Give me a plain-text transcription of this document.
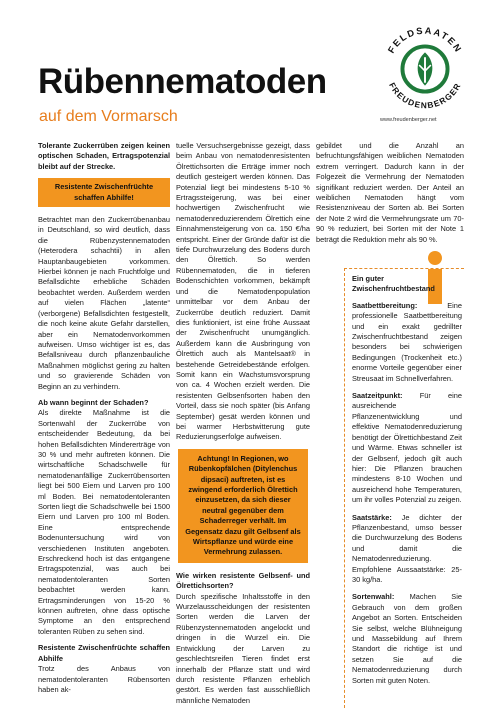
Rübennematoden
auf dem Vormarsch
FELDSAATEN
FREUDENBERGER
www.freudenberger.net

Tolerante Zuckerrüben zeigen keinen optischen Schaden, Ertragspotenzial bleibt auf der Strecke.

Resistente Zwischenfrüchte schaffen Abhilfe!

Betrachtet man den Zuckerrübenanbau in Deutschland, so wird deutlich, dass die Rübenzystennematoden (Heterodera schachtii) in allen Hauptanbaugebieten vorkommen. Hierbei können je nach Fruchtfolge und Befallsdichte erhebliche Schäden beobachtet werden. Außerdem werden auf vielen Flächen „latente“ (verborgene) Befallsdichten festgestellt, die noch keine akute Gefahr darstellen, aber ein Nematodenvorkommen aufweisen. Umso wichtiger ist es, das Befallsniveau durch pflanzenbauliche Maßnahmen möglichst gering zu halten und so gravierende Schäden von Beginn an zu verhindern.

Ab wann beginnt der Schaden?

Als direkte Maßnahme ist die Sortenwahl der Zuckerrübe von entscheidender Bedeutung, da bei hohen Befallsdichten Mindererträge von 30 % und mehr auftreten können. Die wirtschaftliche Schadschwelle für nematodenanfällige Zuckerrübensorten liegt bei 500 Eiern und Larven pro 100 ml Boden. Bei nematodentoleranten Sorten liegt die Schadschwelle bei 1500 Eiern und Larven pro 100 ml Boden. Eine entsprechende Bodenuntersuchung wird von verschiedenen Instituten angeboten. Erschreckend hoch ist das entgangene Ertragspotenzial, was auch bei nematodentoleranten Sorten beobachtet werden kann. Ertragsminderungen von 15-20 % können auftreten, ohne dass optische Symptome an den entsprechend toleranten Rüben zu sehen sind.

Resistente Zwischenfrüchte schaffen Abhilfe

Trotz des Anbaus von nematodentoleranten Rübensorten haben ak-

tuelle Versuchsergebnisse gezeigt, dass beim Anbau von nematodenresistenten Ölrettichsorten die Erträge immer noch deutlich gesteigert werden können. Das Potenzial liegt bei mindestens 5-10 % Ertragssteigerung, was bei einer hochwertigen Zwischenfrucht wie nematodenreduzierendem Ölrettich eine Einnahmensteigerung von ca. 150 €/ha entspricht. Einer der Gründe dafür ist die tiefe Durchwurzelung des Bodens durch den Ölrettich. So werden Rübennematoden, die in tieferen Bodenschichten vorkommen, bekämpft und die Nematodenpopulation unmittelbar vor dem Anbau der Zuckerrübe deutlich reduziert. Damit dies funktioniert, ist eine frühe Aussaat der Zwischenfrucht unumgänglich. Außerdem kann die Ausbringung von Ölrettich auch als Mantelsaat® in bestehende Getreidebestände erfolgen. Somit kann ein Wachstumsvorsprung von ca. 4 Wochen erzielt werden. Die resistenten Gelbsenfsorten haben den Vorteil, dass sie noch später (bis Anfang September) gesät werden können und bei warmer Herbstwitterung gute Reduzierungserfolge aufweisen.

Achtung! In Regionen, wo Rübenkopfälchen (Ditylenchus dipsaci) auftreten, ist es zwingend erforderlich Ölrettich einzusetzen, da sich dieser neutral gegenüber dem Schaderreger verhält. Im Gegensatz dazu gilt Gelbsenf als Wirtspflanze und würde eine Vermehrung zulassen.
Wie wirken resistente Gelbsenf- und Ölrettichsorten?

Durch spezifische Inhaltsstoffe in den Wurzelausscheidungen der resistenten Sorten werden die Larven der Rübenzystennematoden angelockt und dringen in die Wurzel ein. Die Entwicklung der Larven zu geschlechtsreifen Tieren findet erst innerhalb der Pflanze statt und wird durch resistente Pflanzen erheblich gestört. Es werden fast ausschließlich männliche Nematoden

gebildet und die Anzahl an befruchtungsfähigen weiblichen Nematoden extrem verringert. Dadurch kann in der Folgezeit die Vermehrung der Nematoden signifikant reduziert werden. Der Anteil an weiblichen Nematoden hängt vom Resistenzniveau der Sorten ab. Bei Sorten der Note 2 wird die Vermehrungsrate um 70-90 % reduziert, bei Sorten mit der Note 1 beträgt die Reduktion mehr als 90 %.

Ein guter Zwischenfruchtbestand

Saatbettbereitung: Eine professionelle Saatbettbereitung und ein exakt gedrillter Zwischenfruchtbestand zeigen besonders bei schwierigen Bedingungen (Trockenheit etc.) enorme Vorteile gegenüber einer Streusaat im Schnellverfahren.

Saatzeitpunkt: Für eine ausreichende Pflanzenentwicklung und effektive Nematodenreduzierung benötigt der Ölrettichbestand Zeit und Wärme. Etwas schneller ist der Gelbsenf, jedoch gilt auch hier: Die Pflanzen brauchen mindestens 8-10 Wochen und ausreichend hohe Temperaturen, um ihr volles Potenzial zu zeigen.

Saatstärke: Je dichter der Pflanzenbestand, umso besser die Durchwurzelung des Bodens und damit die Nematodenreduzierung. Empfohlene Aussaatstärke: 25-30 kg/ha.

Sortenwahl: Machen Sie Gebrauch von dem großen Angebot an Sorten. Entscheiden Sie selbst, welche Blühneigung und Massebildung auf Ihrem Standort die richtige ist und setzen Sie auf die Nematodenreduzierung durch Sorten mit guten Noten.
